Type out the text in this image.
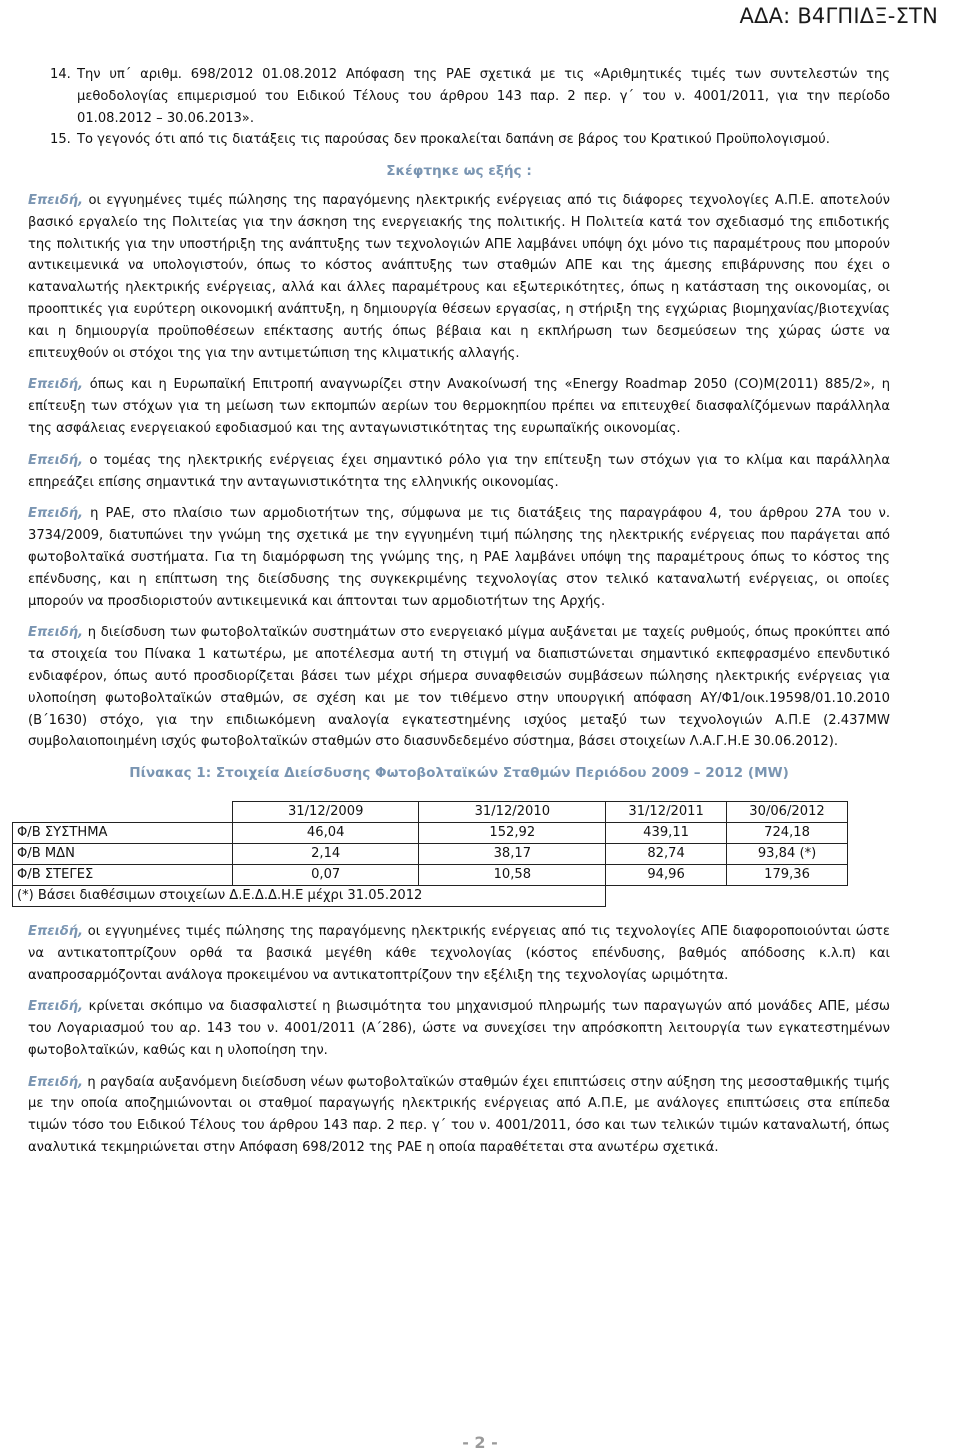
ΑΔΑ: Β4ΓΠΙΔΞ-ΣΤΝ

14. Την υπ΄ αριθμ. 698/2012 01.08.2012 Απόφαση της ΡΑΕ σχετικά με τις «Αριθμητικές τιμές των συντελεστών της μεθοδολογίας επιμερισμού του Ειδικού Τέλους του άρθρου 143 παρ. 2 περ. γ΄ του ν. 4001/2011, για την περίοδο 01.08.2012 – 30.06.2013».

15. Το γεγονός ότι από τις διατάξεις τις παρούσας δεν προκαλείται δαπάνη σε βάρος του Κρατικού Προϋπολογισμού.

Σκέφτηκε ως εξής :

Επειδή, οι εγγυημένες τιμές πώλησης της παραγόμενης ηλεκτρικής ενέργειας από τις διάφορες τεχνολογίες Α.Π.Ε. αποτελούν βασικό εργαλείο της Πολιτείας για την άσκηση της ενεργειακής της πολιτικής. Η Πολιτεία κατά τον σχεδιασμό της επιδοτικής της πολιτικής για την υποστήριξη της ανάπτυξης των τεχνολογιών ΑΠΕ λαμβάνει υπόψη όχι μόνο τις παραμέτρους που μπορούν αντικειμενικά να υπολογιστούν, όπως το κόστος ανάπτυξης των σταθμών ΑΠΕ και της άμεσης επιβάρυνσης που έχει ο καταναλωτής ηλεκτρικής ενέργειας, αλλά και άλλες παραμέτρους και εξωτερικότητες, όπως η κατάσταση της οικονομίας, οι προοπτικές για ευρύτερη οικονομική ανάπτυξη, η δημιουργία θέσεων εργασίας, η στήριξη της εγχώριας βιομηχανίας/βιοτεχνίας και η δημιουργία προϋποθέσεων επέκτασης αυτής όπως βέβαια και η εκπλήρωση των δεσμεύσεων της χώρας ώστε να επιτευχθούν οι στόχοι της για την αντιμετώπιση της κλιματικής αλλαγής.

Επειδή, όπως και η Ευρωπαϊκή Επιτροπή αναγνωρίζει στην Ανακοίνωσή της «Energy Roadmap 2050 (CO)M(2011) 885/2», η επίτευξη των στόχων για τη μείωση των εκπομπών αερίων του θερμοκηπίου πρέπει να επιτευχθεί διασφαλίζόμενων παράλληλα της ασφάλειας ενεργειακού εφοδιασμού και της ανταγωνιστικότητας της ευρωπαϊκής οικονομίας.

Επειδή, ο τομέας της ηλεκτρικής ενέργειας έχει σημαντικό ρόλο για την επίτευξη των στόχων για το κλίμα και παράλληλα επηρεάζει επίσης σημαντικά την ανταγωνιστικότητα της ελληνικής οικονομίας.

Επειδή, η ΡΑΕ, στο πλαίσιο των αρμοδιοτήτων της, σύμφωνα με τις διατάξεις της παραγράφου 4, του άρθρου 27Α του ν. 3734/2009, διατυπώνει την γνώμη της σχετικά με την εγγυημένη τιμή πώλησης της ηλεκτρικής ενέργειας που παράγεται από φωτοβολταϊκά συστήματα. Για τη διαμόρφωση της γνώμης της, η ΡΑΕ λαμβάνει υπόψη της παραμέτρους όπως το κόστος της επένδυσης, και η επίπτωση της διείσδυσης της συγκεκριμένης τεχνολογίας στον τελικό καταναλωτή ενέργειας, οι οποίες μπορούν να προσδιοριστούν αντικειμενικά και άπτονται των αρμοδιοτήτων της Αρχής.

Επειδή, η διείσδυση των φωτοβολταϊκών συστημάτων στο ενεργειακό μίγμα αυξάνεται με ταχείς ρυθμούς, όπως προκύπτει από τα στοιχεία του Πίνακα 1 κατωτέρω, με αποτέλεσμα αυτή τη στιγμή να διαπιστώνεται σημαντικό εκπεφρασμένο επενδυτικό ενδιαφέρον, όπως αυτό προσδιορίζεται βάσει των μέχρι σήμερα συναφθεισών συμβάσεων πώλησης ηλεκτρικής ενέργειας για υλοποίηση φωτοβολταϊκών σταθμών, σε σχέση και με τον τιθέμενο στην υπουργική απόφαση ΑΥ/Φ1/οικ.19598/01.10.2010 (Β΄1630) στόχο, για την επιδιωκόμενη αναλογία εγκατεστημένης ισχύος μεταξύ των τεχνολογιών Α.Π.Ε (2.437MW συμβολαιοποιημένη ισχύς φωτοβολταϊκών σταθμών στο διασυνδεδεμένο σύστημα, βάσει στοιχείων Λ.Α.Γ.Η.Ε 30.06.2012).

Πίνακας 1: Στοιχεία Διείσδυσης Φωτοβολταϊκών Σταθμών Περιόδου 2009 – 2012 (MW)

	31/12/2009	31/12/2010	31/12/2011	30/06/2012
Φ/Β ΣΥΣΤΗΜΑ	46,04	152,92	439,11	724,18
Φ/Β ΜΔΝ	2,14	38,17	82,74	93,84 (*)
Φ/Β ΣΤΕΓΕΣ	0,07	10,58	94,96	179,36
(*) Βάσει διαθέσιμων στοιχείων Δ.Ε.Δ.Δ.Η.Ε μέχρι 31.05.2012				

Επειδή, οι εγγυημένες τιμές πώλησης της παραγόμενης ηλεκτρικής ενέργειας από τις τεχνολογίες ΑΠΕ διαφοροποιούνται ώστε να αντικατοπτρίζουν ορθά τα βασικά μεγέθη κάθε τεχνολογίας (κόστος επένδυσης, βαθμός απόδοσης κ.λ.π) και αναπροσαρμόζονται ανάλογα προκειμένου να αντικατοπτρίζουν την εξέλιξη της τεχνολογίας ωριμότητα.

Επειδή, κρίνεται σκόπιμο να διασφαλιστεί η βιωσιμότητα του μηχανισμού πληρωμής των παραγωγών από μονάδες ΑΠΕ, μέσω του Λογαριασμού του αρ. 143 του ν. 4001/2011 (Α΄286), ώστε να συνεχίσει την απρόσκοπτη λειτουργία των εγκατεστημένων φωτοβολταϊκών, καθώς και η υλοποίηση την.

Επειδή, η ραγδαία αυξανόμενη διείσδυση νέων φωτοβολταϊκών σταθμών έχει επιπτώσεις στην αύξηση της μεσοσταθμικής τιμής με την οποία αποζημιώνονται οι σταθμοί παραγωγής ηλεκτρικής ενέργειας από Α.Π.Ε, με ανάλογες επιπτώσεις στα επίπεδα τιμών τόσο του Ειδικού Τέλους του άρθρου 143 παρ. 2 περ. γ΄ του ν. 4001/2011, όσο και των τελικών τιμών καταναλωτή, όπως αναλυτικά τεκμηριώνεται στην Απόφαση 698/2012 της ΡΑΕ η οποία παραθέτεται στα ανωτέρω σχετικά.

- 2 -
